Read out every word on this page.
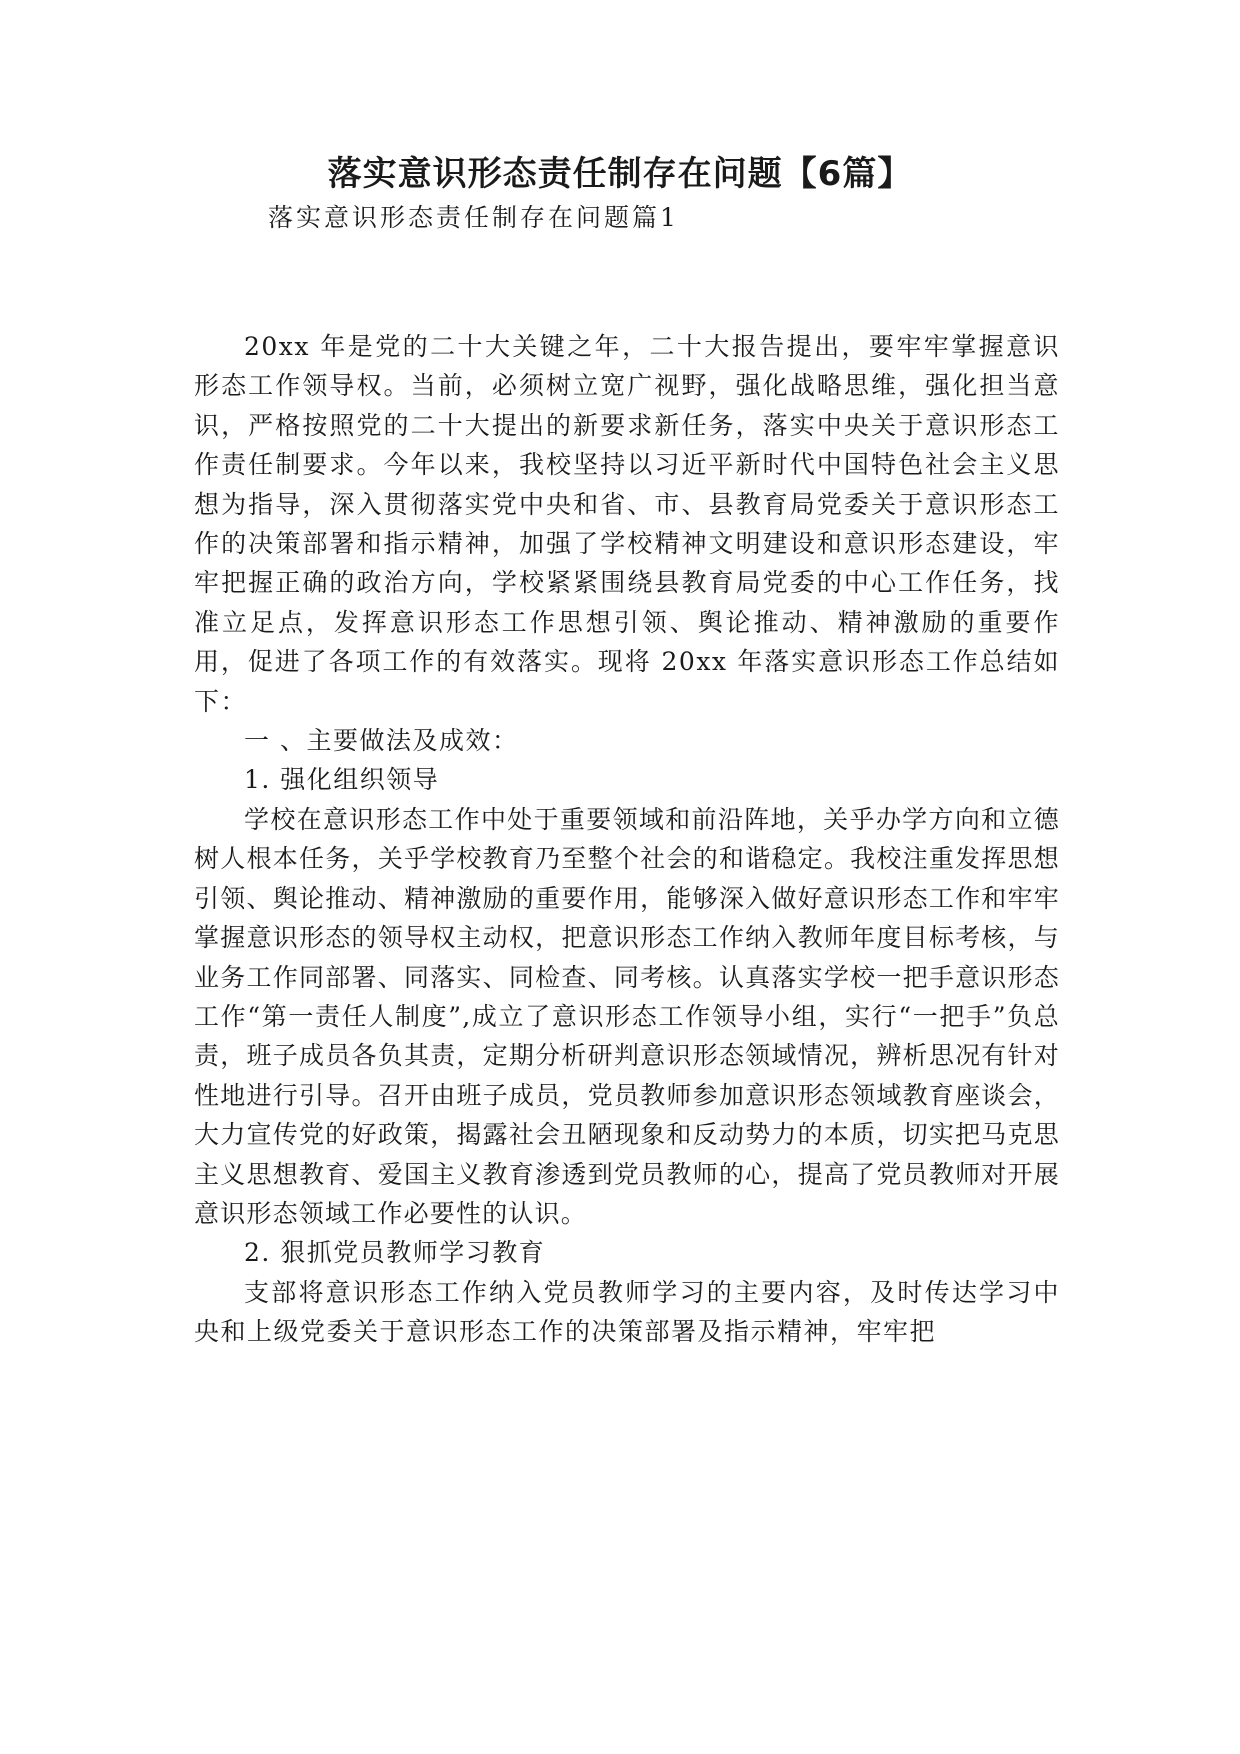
落实意识形态责任制存在问题【6篇】

落实意识形态责任制存在问题篇1

20xx 年是党的二十大关键之年，二十大报告提出，要牢牢掌握意识形态工作领导权。当前，必须树立宽广视野，强化战略思维，强化担当意识，严格按照党的二十大提出的新要求新任务，落实中央关于意识形态工作责任制要求。今年以来，我校坚持以习近平新时代中国特色社会主义思想为指导，深入贯彻落实党中央和省、市、县教育局党委关于意识形态工作的决策部署和指示精神，加强了学校精神文明建设和意识形态建设，牢牢把握正确的政治方向，学校紧紧围绕县教育局党委的中心工作任务，找准立足点，发挥意识形态工作思想引领、舆论推动、精神激励的重要作用，促进了各项工作的有效落实。现将 20xx 年落实意识形态工作总结如下：

一 、主要做法及成效：

1. 强化组织领导

学校在意识形态工作中处于重要领域和前沿阵地，关乎办学方向和立德树人根本任务，关乎学校教育乃至整个社会的和谐稳定。我校注重发挥思想引领、舆论推动、精神激励的重要作用，能够深入做好意识形态工作和牢牢掌握意识形态的领导权主动权，把意识形态工作纳入教师年度目标考核，与业务工作同部署、同落实、同检查、同考核。认真落实学校一把手意识形态工作“第一责任人制度”,成立了意识形态工作领导小组，实行“一把手”负总责，班子成员各负其责，定期分析研判意识形态领域情况，辨析思况有针对性地进行引导。召开由班子成员，党员教师参加意识形态领域教育座谈会，大力宣传党的好政策，揭露社会丑陋现象和反动势力的本质，切实把马克思主义思想教育、爱国主义教育渗透到党员教师的心，提高了党员教师对开展意识形态领域工作必要性的认识。

2. 狠抓党员教师学习教育

支部将意识形态工作纳入党员教师学习的主要内容，及时传达学习中央和上级党委关于意识形态工作的决策部署及指示精神，牢牢把
